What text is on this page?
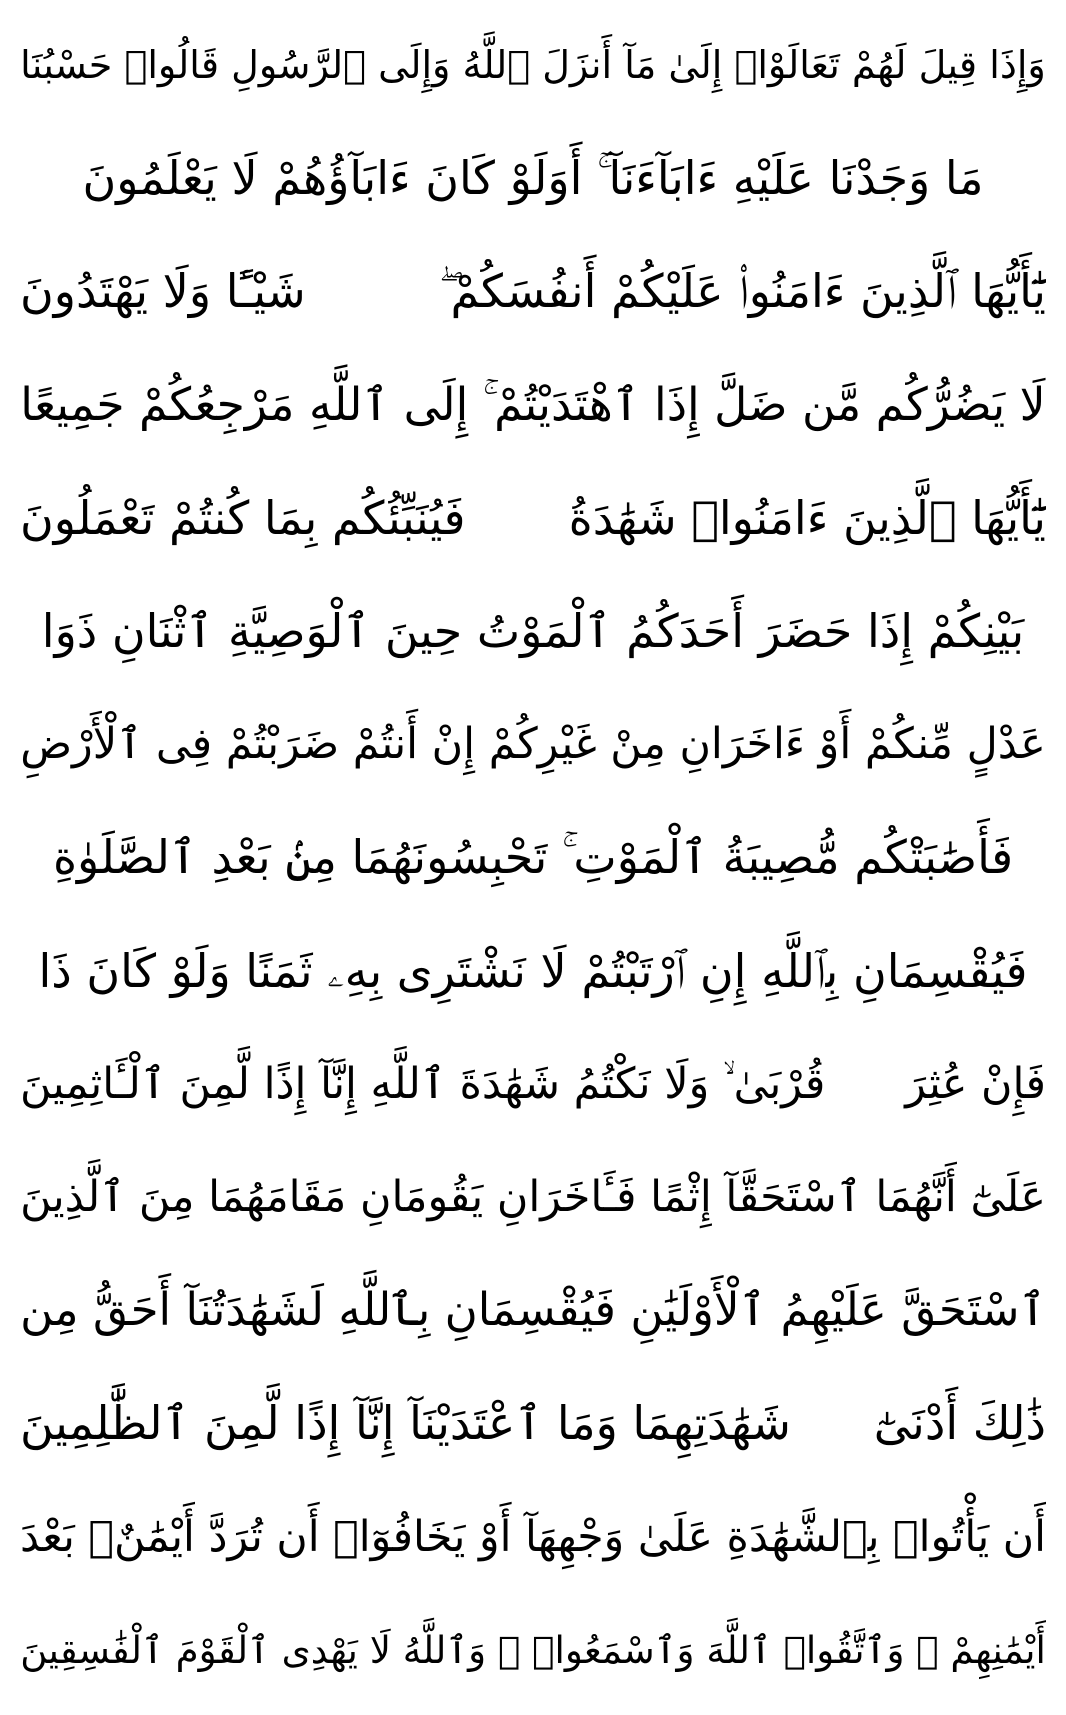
وَإِذَا قِيلَ لَهُمْ تَعَالَوْا۟ إِلَىٰ مَآ أَنزَلَ ٱللَّهُ وَإِلَى ٱلرَّسُولِ قَالُوا۟ حَسْبُنَا
مَا وَجَدْنَا عَلَيْهِ ءَابَآءَنَآ ۚ أَوَلَوْ كَانَ ءَابَآؤُهُمْ لَا يَعْلَمُونَ
يَٰٓأَيُّهَا ٱلَّذِينَ ءَامَنُوا۟ عَلَيْكُمْ أَنفُسَكُمْ ۖ
شَيْـًٔا وَلَا يَهْتَدُونَ
لَا يَضُرُّكُم مَّن ضَلَّ إِذَا ٱهْتَدَيْتُمْ ۚ إِلَى ٱللَّهِ مَرْجِعُكُمْ جَمِيعًا
يَٰٓأَيُّهَا ٱلَّذِينَ ءَامَنُوا۟ شَهَٰدَةُ
فَيُنَبِّئُكُم بِمَا كُنتُمْ تَعْمَلُونَ
بَيْنِكُمْ إِذَا حَضَرَ أَحَدَكُمُ ٱلْمَوْتُ حِينَ ٱلْوَصِيَّةِ ٱثْنَانِ ذَوَا
عَدْلٍ مِّنكُمْ أَوْ ءَاخَرَانِ مِنْ غَيْرِكُمْ إِنْ أَنتُمْ ضَرَبْتُمْ فِى ٱلْأَرْضِ
فَأَصَٰبَتْكُم مُّصِيبَةُ ٱلْمَوْتِ ۚ تَحْبِسُونَهُمَا مِنۢ بَعْدِ ٱلصَّلَوٰةِ
فَيُقْسِمَانِ بِٱللَّهِ إِنِ ٱرْتَبْتُمْ لَا نَشْتَرِى بِهِۦ ثَمَنًا وَلَوْ كَانَ ذَا
فَإِنْ عُثِرَ
قُرْبَىٰ ۙ وَلَا نَكْتُمُ شَهَٰدَةَ ٱللَّهِ إِنَّآ إِذًا لَّمِنَ ٱلْـَٔاثِمِينَ
عَلَىٰٓ أَنَّهُمَا ٱسْتَحَقَّآ إِثْمًا فَـَٔاخَرَانِ يَقُومَانِ مَقَامَهُمَا مِنَ ٱلَّذِينَ
ٱسْتَحَقَّ عَلَيْهِمُ ٱلْأَوْلَيَٰنِ فَيُقْسِمَانِ بِٱللَّهِ لَشَهَٰدَتُنَآ أَحَقُّ مِن
ذَٰلِكَ أَدْنَىٰٓ
شَهَٰدَتِهِمَا وَمَا ٱعْتَدَيْنَآ إِنَّآ إِذًا لَّمِنَ ٱلظَّٰلِمِينَ
أَن يَأْتُوا۟ بِٱلشَّهَٰدَةِ عَلَىٰ وَجْهِهَآ أَوْ يَخَافُوٓا۟ أَن تُرَدَّ أَيْمَٰنٌۢ بَعْدَ
أَيْمَٰنِهِمْ ۗ وَٱتَّقُوا۟ ٱللَّهَ وَٱسْمَعُوا۟ ۗ وَٱللَّهُ لَا يَهْدِى ٱلْقَوْمَ ٱلْفَٰسِقِينَ
